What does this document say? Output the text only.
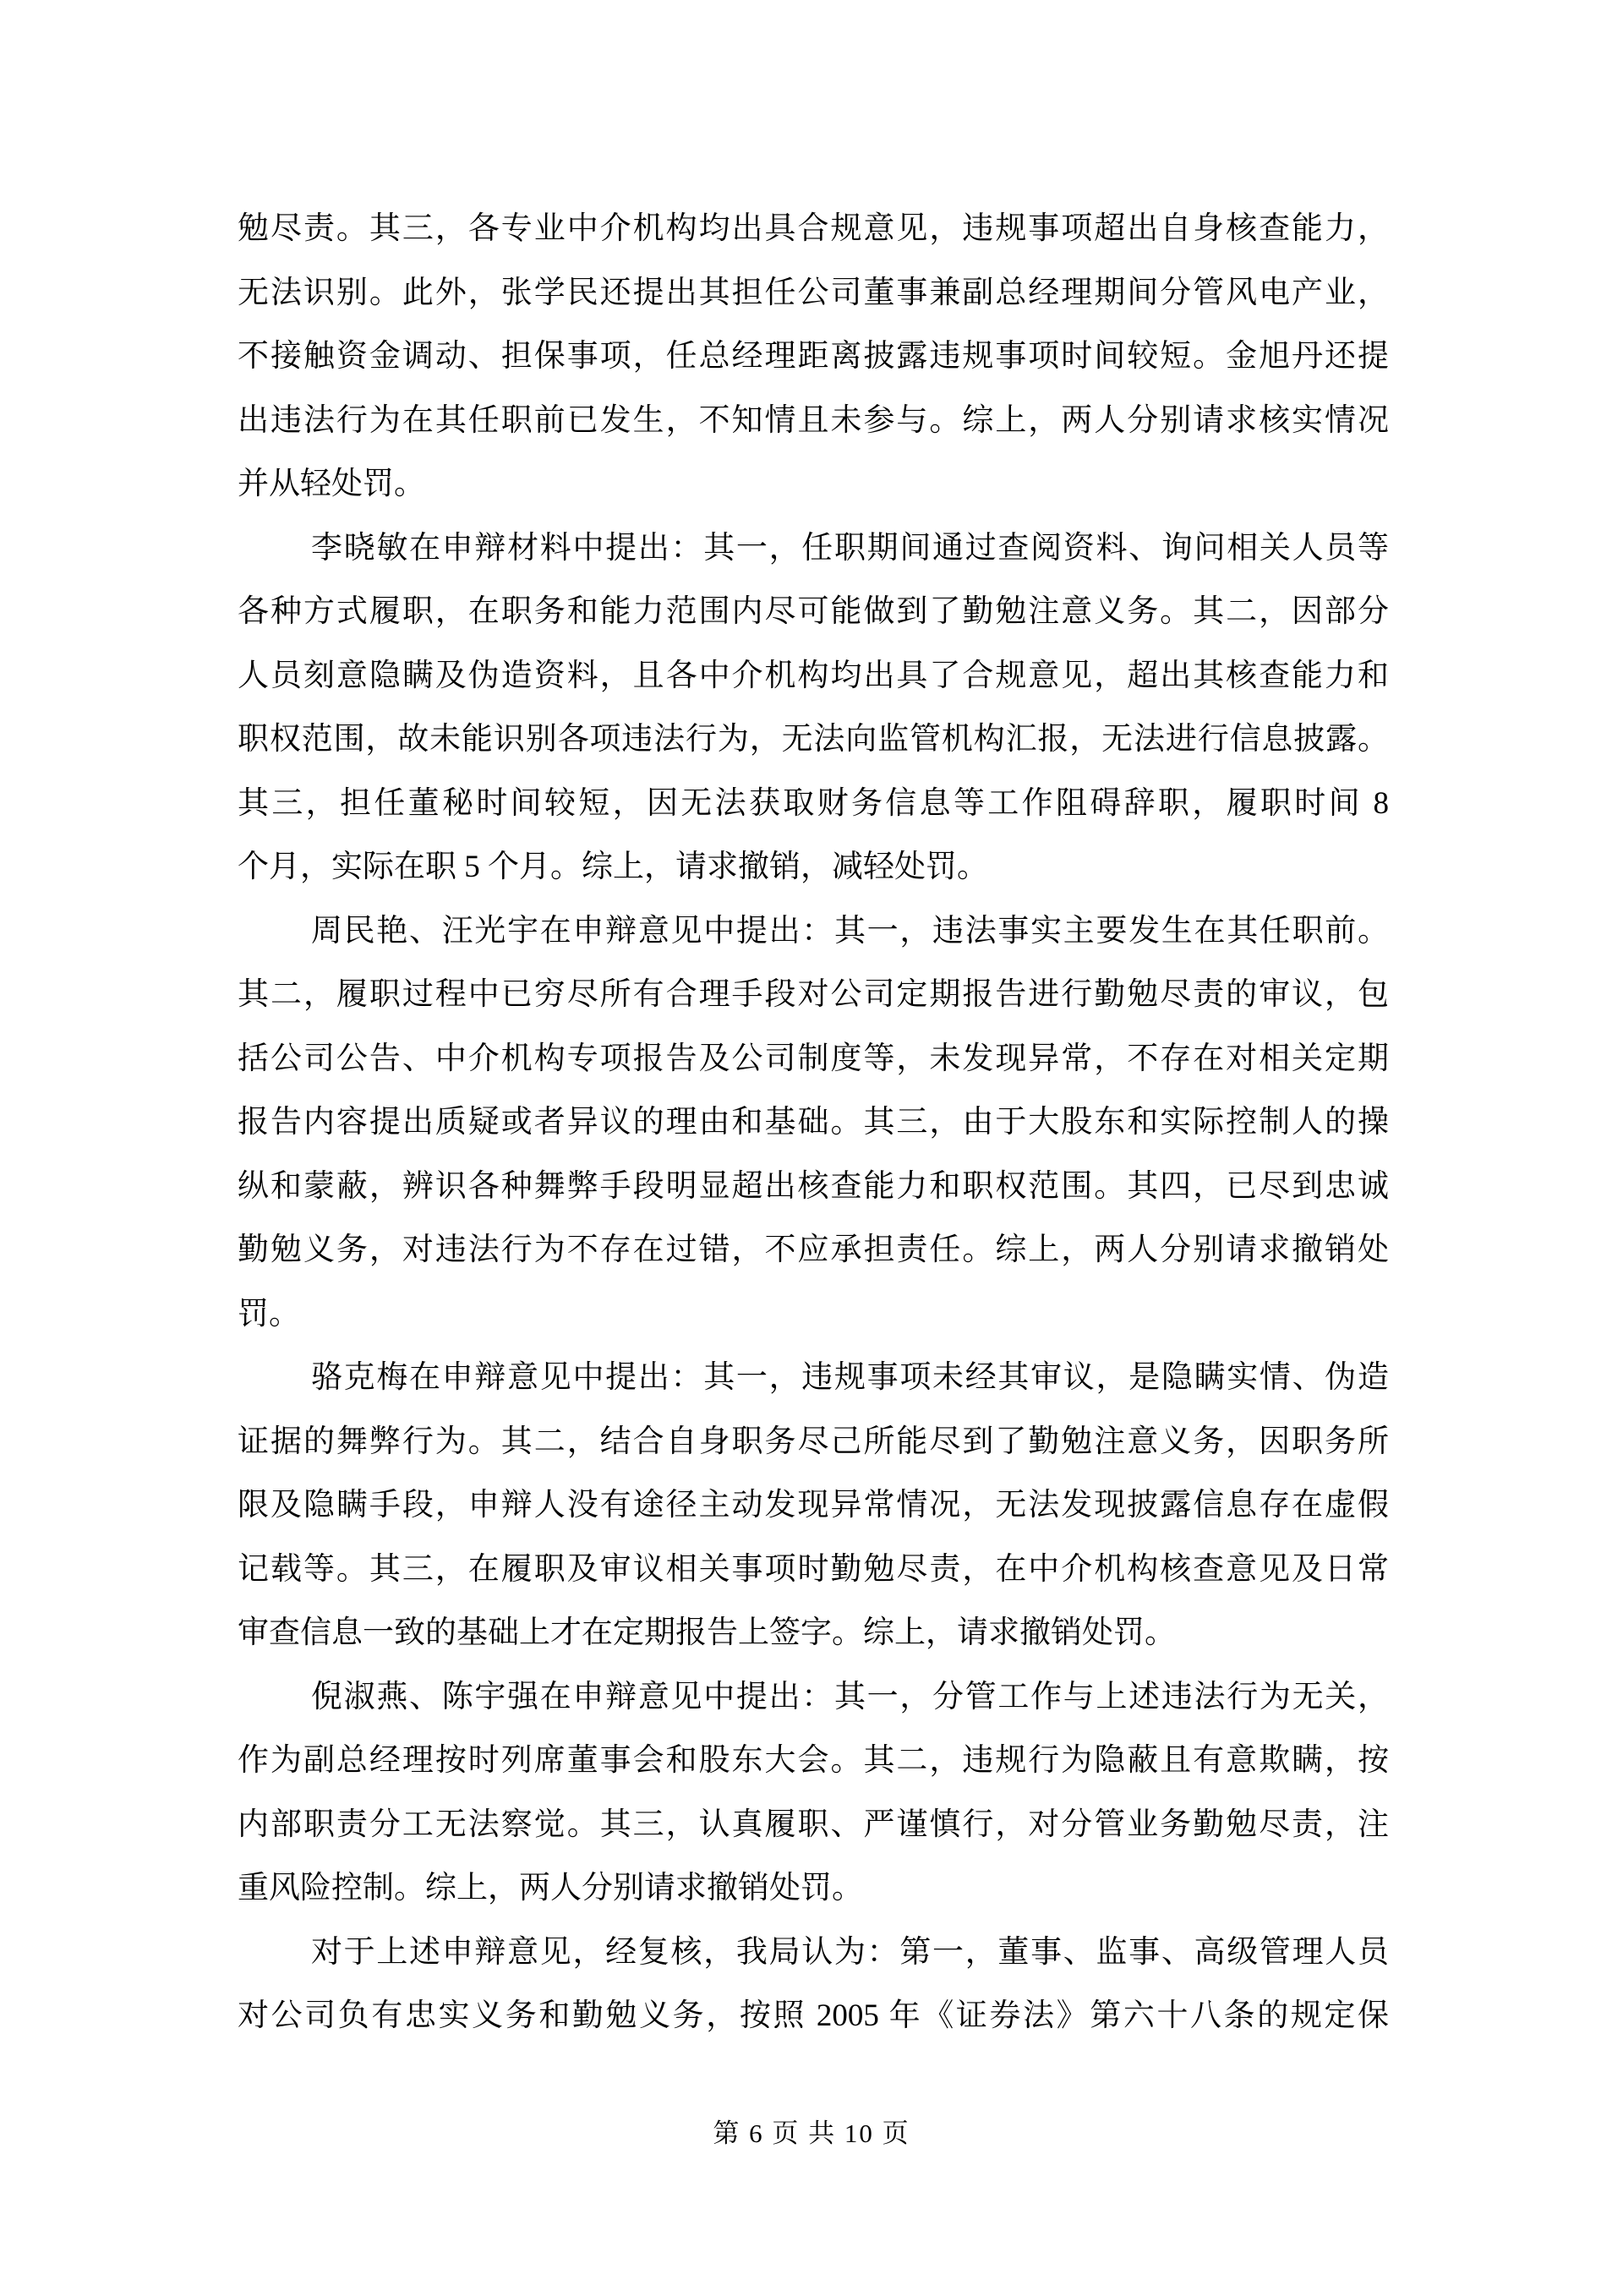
勉尽责。其三，各专业中介机构均出具合规意见，违规事项超出自身核查能力，
无法识别。此外，张学民还提出其担任公司董事兼副总经理期间分管风电产业，
不接触资金调动、担保事项，任总经理距离披露违规事项时间较短。金旭丹还提
出违法行为在其任职前已发生，不知情且未参与。综上，两人分别请求核实情况
并从轻处罚。
李晓敏在申辩材料中提出：其一，任职期间通过查阅资料、询问相关人员等
各种方式履职，在职务和能力范围内尽可能做到了勤勉注意义务。其二，因部分
人员刻意隐瞒及伪造资料，且各中介机构均出具了合规意见，超出其核查能力和
职权范围，故未能识别各项违法行为，无法向监管机构汇报，无法进行信息披露。
其三，担任董秘时间较短，因无法获取财务信息等工作阻碍辞职，履职时间 8
个月，实际在职 5 个月。综上，请求撤销，减轻处罚。
周民艳、汪光宇在申辩意见中提出：其一，违法事实主要发生在其任职前。
其二，履职过程中已穷尽所有合理手段对公司定期报告进行勤勉尽责的审议，包
括公司公告、中介机构专项报告及公司制度等，未发现异常，不存在对相关定期
报告内容提出质疑或者异议的理由和基础。其三，由于大股东和实际控制人的操
纵和蒙蔽，辨识各种舞弊手段明显超出核查能力和职权范围。其四，已尽到忠诚
勤勉义务，对违法行为不存在过错，不应承担责任。综上，两人分别请求撤销处
罚。
骆克梅在申辩意见中提出：其一，违规事项未经其审议，是隐瞒实情、伪造
证据的舞弊行为。其二，结合自身职务尽己所能尽到了勤勉注意义务，因职务所
限及隐瞒手段，申辩人没有途径主动发现异常情况，无法发现披露信息存在虚假
记载等。其三，在履职及审议相关事项时勤勉尽责，在中介机构核查意见及日常
审查信息一致的基础上才在定期报告上签字。综上，请求撤销处罚。
倪淑燕、陈宇强在申辩意见中提出：其一，分管工作与上述违法行为无关，
作为副总经理按时列席董事会和股东大会。其二，违规行为隐蔽且有意欺瞒，按
内部职责分工无法察觉。其三，认真履职、严谨慎行，对分管业务勤勉尽责，注
重风险控制。综上，两人分别请求撤销处罚。
对于上述申辩意见，经复核，我局认为：第一，董事、监事、高级管理人员
对公司负有忠实义务和勤勉义务，按照 2005 年《证券法》第六十八条的规定保
第 6 页 共 10 页
